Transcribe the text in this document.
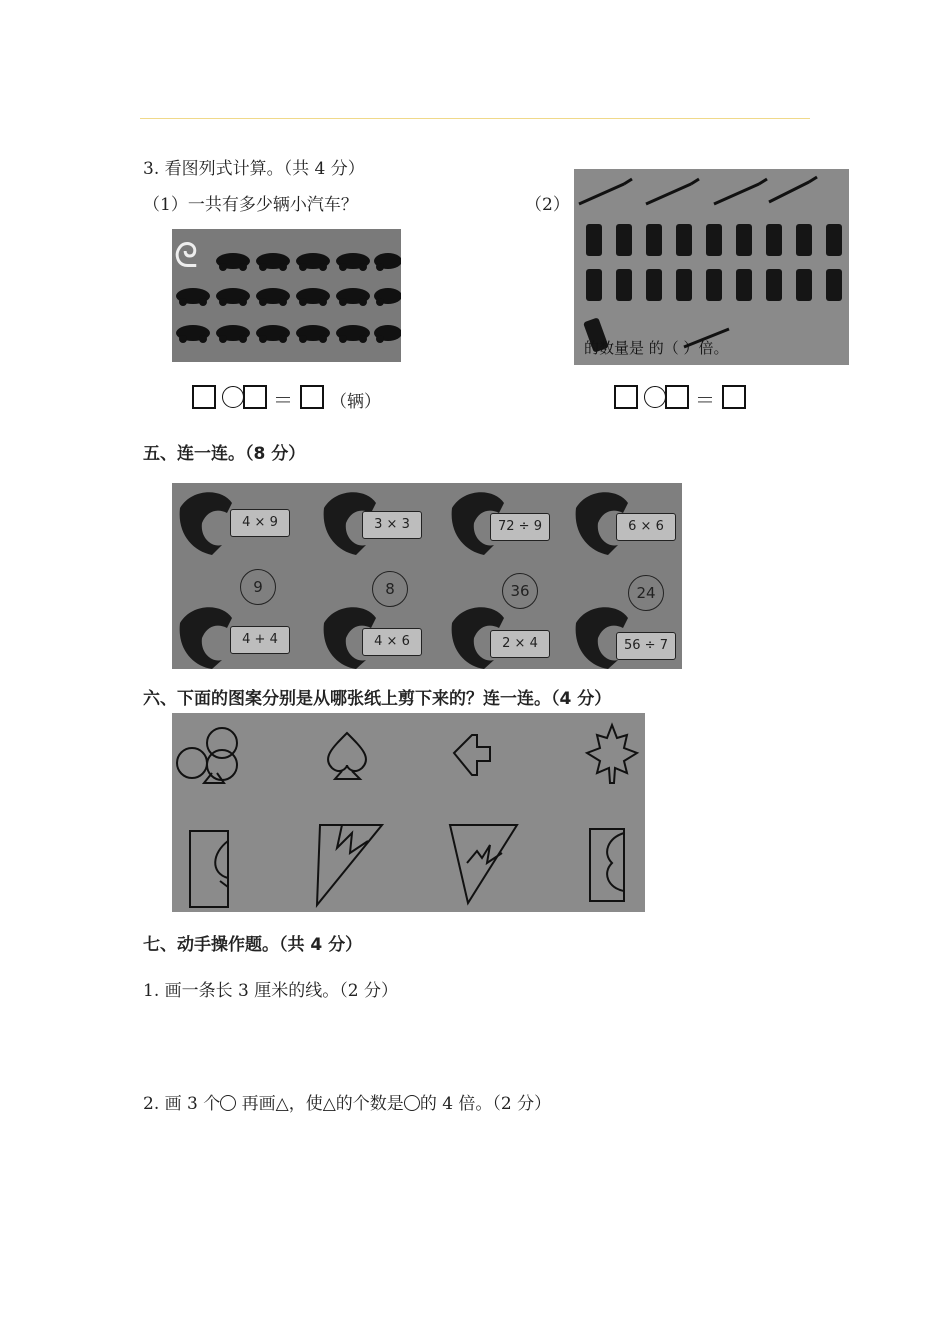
3. 看图列式计算。（共 4 分）
（1）一共有多少辆小汽车？	（2）
ᘓ
的数量是 的（ ）倍。
＝ （辆）	＝
五、连一连。（8 分）
4 × 9	3 × 3	72 ÷ 9	6 × 6
9	8	36	24
4 + 4	4 × 6	2 × 4	56 ÷ 7
六、下面的图案分别是从哪张纸上剪下来的？连一连。（4 分）
七、动手操作题。（共 4 分）
1. 画一条长 3 厘米的线。（2 分）
2. 画 3 个 再画△，使△的个数是 的 4 倍。（2 分）
